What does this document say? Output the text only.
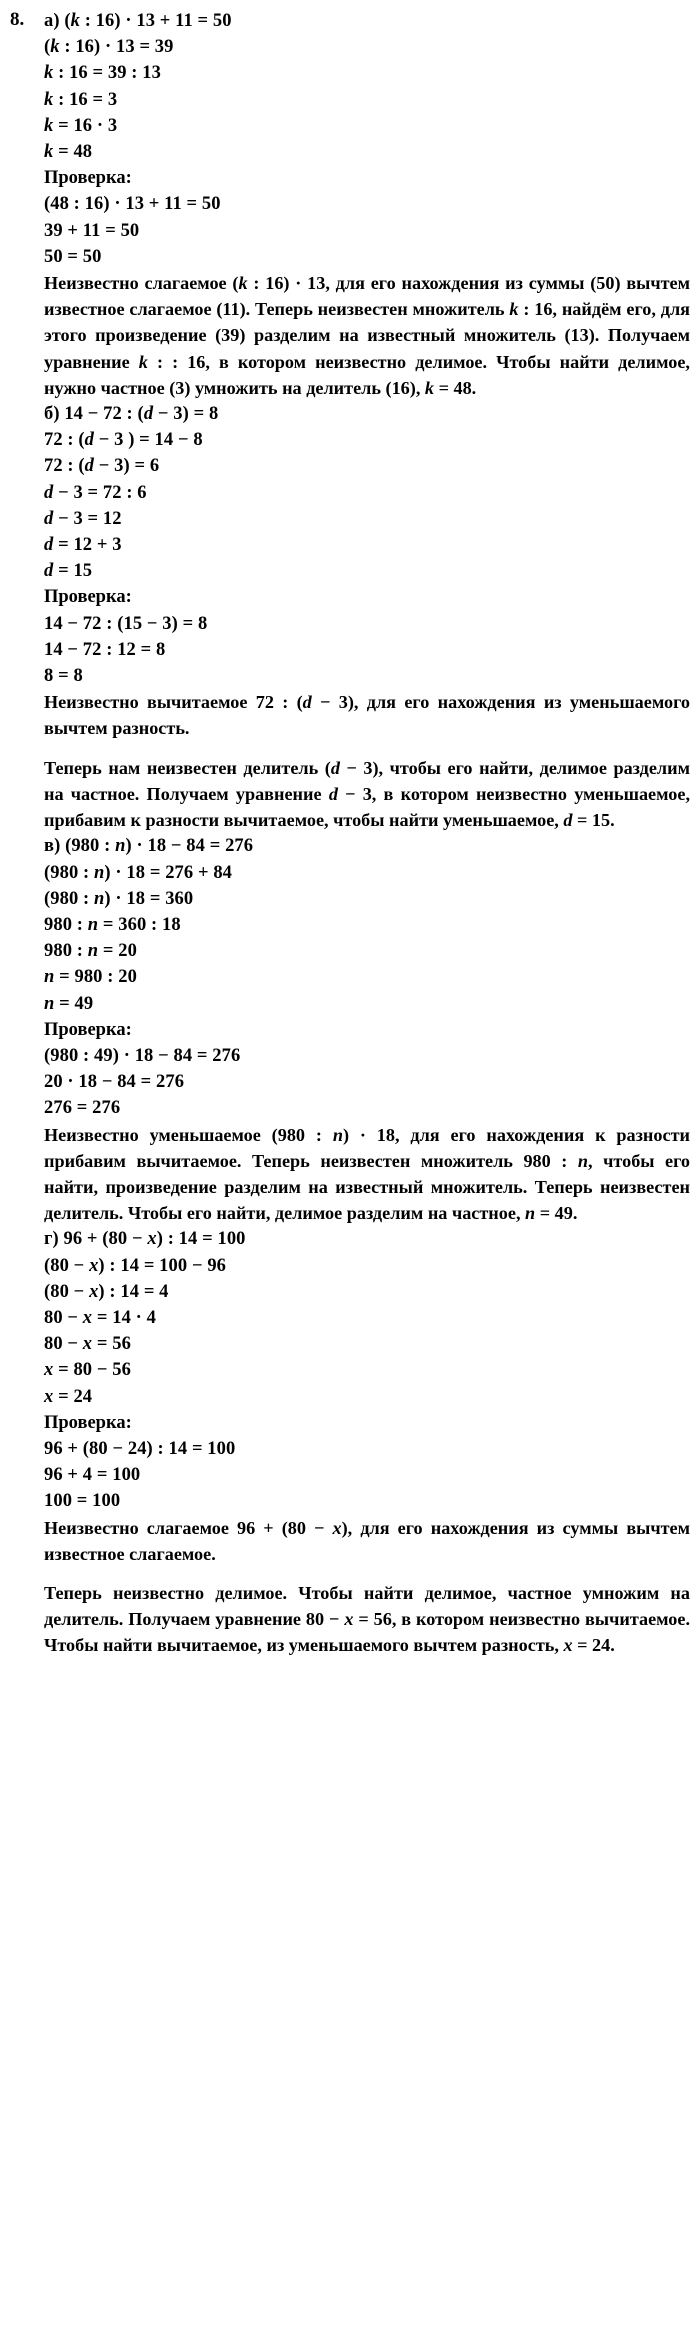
8.	а) (k : 16) · 13 + 11 = 50
(k : 16) · 13 = 39
k : 16 = 39 : 13
k : 16 = 3
k = 16 · 3
k = 48
Проверка:
(48 : 16) · 13 + 11 = 50
39 + 11 = 50
50 = 50

Неизвестно слагаемое (k : 16) · 13, для его нахождения из суммы (50) вычтем известное слагаемое (11). Теперь неизвестен множитель k : 16, найдём его, для этого произведение (39) разделим на известный множитель (13). Получаем уравнение k : : 16, в котором неизвестно делимое. Чтобы найти делимое, нужно частное (3) умножить на делитель (16), k = 48.

б) 14 − 72 : (d − 3) = 8
72 : (d − 3 ) = 14 − 8
72 : (d − 3) = 6
d − 3 = 72 : 6
d − 3 = 12
d = 12 + 3
d = 15
Проверка:
14 − 72 : (15 − 3) = 8
14 − 72 : 12 = 8
8 = 8

Неизвестно вычитаемое 72 : (d − 3), для его нахождения из уменьшаемого вычтем разность.

Теперь нам неизвестен делитель (d − 3), чтобы его найти, делимое разделим на частное. Получаем уравнение d − 3, в котором неизвестно уменьшаемое, прибавим к разности вычитаемое, чтобы найти уменьшаемое, d = 15.

в) (980 : n) · 18 − 84 = 276
(980 : n) · 18 = 276 + 84
(980 : n) · 18 = 360
980 : n = 360 : 18
980 : n = 20
n = 980 : 20
n = 49
Проверка:
(980 : 49) · 18 − 84 = 276
20 · 18 − 84 = 276
276 = 276

Неизвестно уменьшаемое (980 : n) · 18, для его нахождения к разности прибавим вычитаемое. Теперь неизвестен множитель 980 : n, чтобы его найти, произведение разделим на известный множитель. Теперь неизвестен делитель. Чтобы его найти, делимое разделим на частное, n = 49.

г) 96 + (80 − x) : 14 = 100
(80 − x) : 14 = 100 − 96
(80 − x) : 14 = 4
80 − x = 14 · 4
80 − x = 56
x = 80 − 56
x = 24
Проверка:
96 + (80 − 24) : 14 = 100
96 + 4 = 100
100 = 100

Неизвестно слагаемое 96 + (80 − x), для его нахождения из суммы вычтем известное слагаемое.

Теперь неизвестно делимое. Чтобы найти делимое, частное умножим на делитель. Получаем уравнение 80 − x = 56, в котором неизвестно вычитаемое. Чтобы найти вычитаемое, из уменьшаемого вычтем разность, x = 24.
